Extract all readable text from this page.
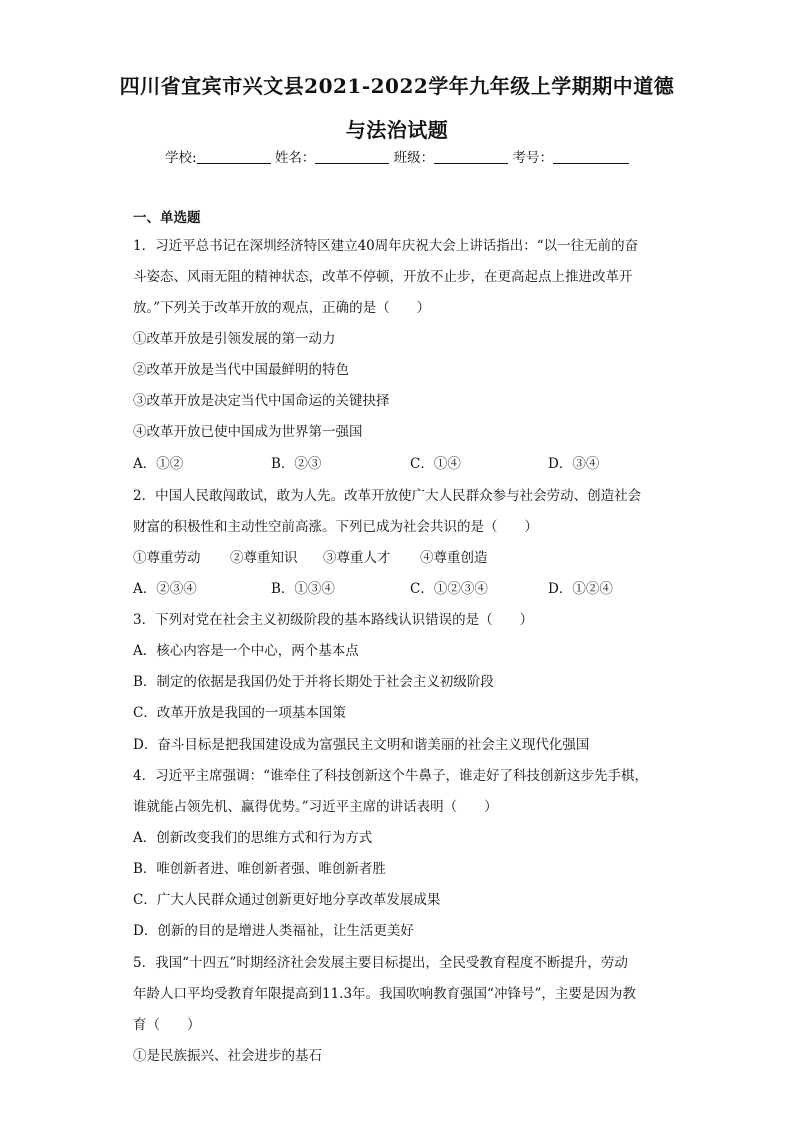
四川省宜宾市兴文县2021-2022学年九年级上学期期中道德
与法治试题
学校:	姓名：	班级：	考号：
一、单选题
1．习近平总书记在深圳经济特区建立40周年庆祝大会上讲话指出：“以一往无前的奋
斗姿态、风雨无阻的精神状态，改革不停顿，开放不止步，在更高起点上推进改革开
放。”下列关于改革开放的观点，正确的是（　　）
①改革开放是引领发展的第一动力
②改革开放是当代中国最鲜明的特色
③改革开放是决定当代中国命运的关键抉择
④改革开放已使中国成为世界第一强国
A．①②	B．②③	C．①④	D．③④
2．中国人民敢闯敢试，敢为人先。改革开放使广大人民群众参与社会劳动、创造社会
财富的积极性和主动性空前高涨。下列已成为社会共识的是（　　）
①尊重劳动 ②尊重知识 ③尊重人才 ④尊重创造
A．②③④	B．①③④	C．①②③④	D．①②④
3．下列对党在社会主义初级阶段的基本路线认识错误的是（　　）
A．核心内容是一个中心，两个基本点
B．制定的依据是我国仍处于并将长期处于社会主义初级阶段
C．改革开放是我国的一项基本国策
D．奋斗目标是把我国建设成为富强民主文明和谐美丽的社会主义现代化强国
4．习近平主席强调：“谁牵住了科技创新这个牛鼻子，谁走好了科技创新这步先手棋，
谁就能占领先机、赢得优势。”习近平主席的讲话表明（　　）
A．创新改变我们的思维方式和行为方式
B．唯创新者进、唯创新者强、唯创新者胜
C．广大人民群众通过创新更好地分享改革发展成果
D．创新的目的是增进人类福祉，让生活更美好
5．我国“十四五”时期经济社会发展主要目标提出，全民受教育程度不断提升，劳动
年龄人口平均受教育年限提高到11.3年。我国吹响教育强国“冲锋号”，主要是因为教
育（　　）
①是民族振兴、社会进步的基石
